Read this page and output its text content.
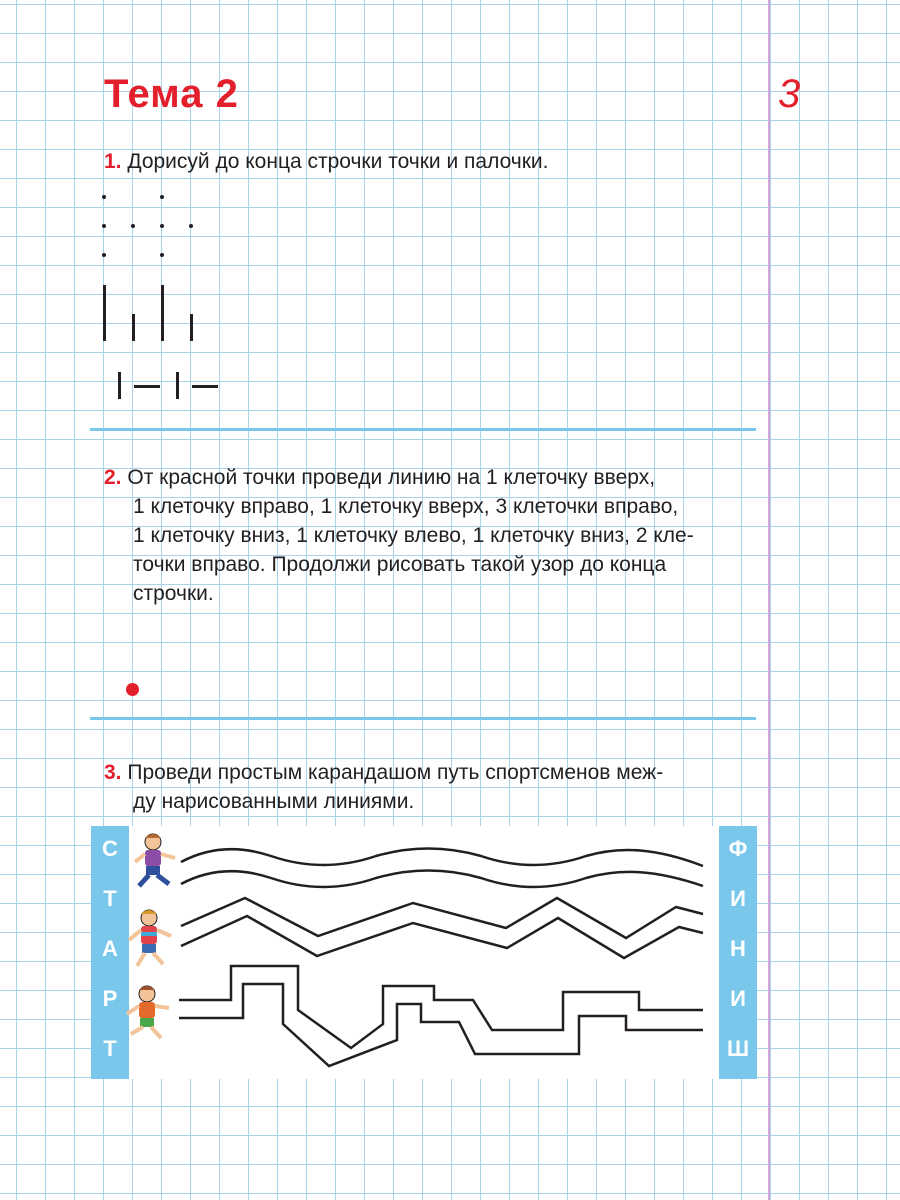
Тема 2	3
1. Дорисуй до конца строчки точки и палочки.

2. От красной точки проведи линию на 1 клеточку вверх,

1 клеточку вправо, 1 клеточку вверх, 3 клеточки вправо,

1 клеточку вниз, 1 клеточку влево, 1 клеточку вниз, 2 кле-

точки вправо. Продолжи рисовать такой узор до конца

строчки.

3. Проведи простым карандашом путь спортсменов меж-

ду нарисованными линиями.

С
Т
А
Р
Т
Ф
И
Н
И
Ш
